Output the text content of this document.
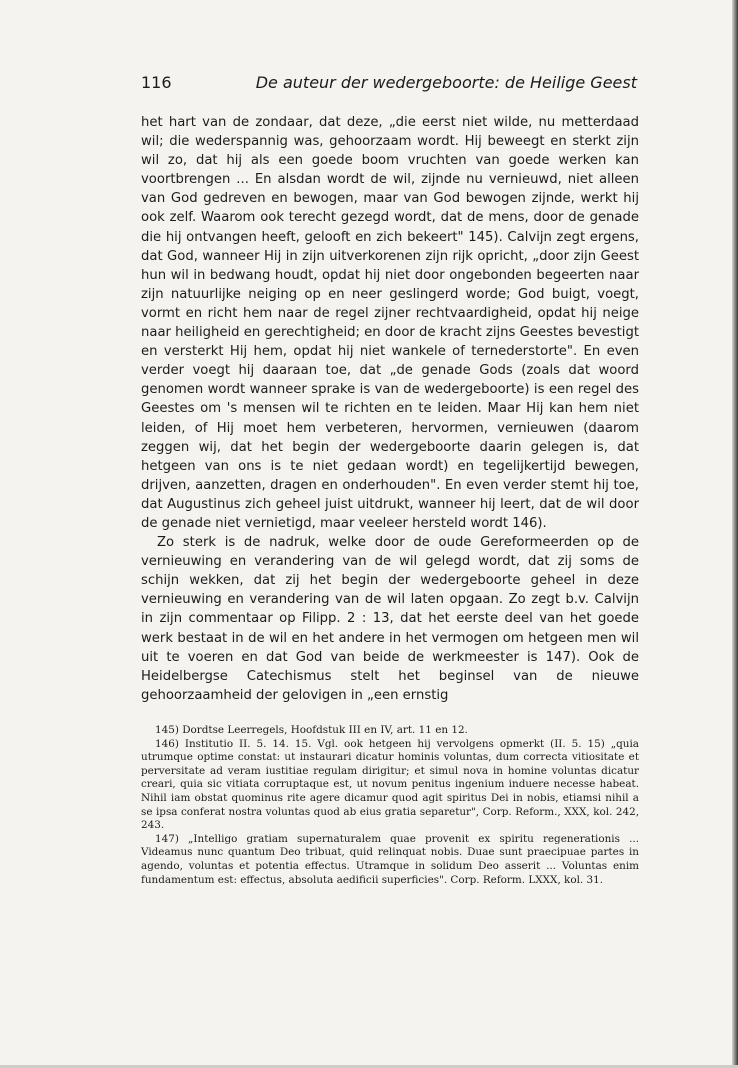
116	De auteur der wedergeboorte: de Heilige Geest

het hart van de zondaar, dat deze, „die eerst niet wilde, nu metterdaad wil; die wederspannig was, gehoorzaam wordt. Hij beweegt en sterkt zijn wil zo, dat hij als een goede boom vruchten van goede werken kan voortbrengen ... En alsdan wordt de wil, zijnde nu vernieuwd, niet alleen van God gedreven en bewogen, maar van God bewogen zijnde, werkt hij ook zelf. Waarom ook terecht gezegd wordt, dat de mens, door de genade die hij ontvangen heeft, gelooft en zich bekeert" 145). Calvijn zegt ergens, dat God, wanneer Hij in zijn uitverkorenen zijn rijk opricht, „door zijn Geest hun wil in bedwang houdt, opdat hij niet door ongebonden begeerten naar zijn natuurlijke neiging op en neer geslingerd worde; God buigt, voegt, vormt en richt hem naar de regel zijner rechtvaardigheid, opdat hij neige naar heiligheid en gerechtigheid; en door de kracht zijns Geestes bevestigt en versterkt Hij hem, opdat hij niet wankele of ternederstorte". En even verder voegt hij daaraan toe, dat „de genade Gods (zoals dat woord genomen wordt wanneer sprake is van de wedergeboorte) is een regel des Geestes om 's mensen wil te richten en te leiden. Maar Hij kan hem niet leiden, of Hij moet hem verbeteren, hervormen, vernieuwen (daarom zeggen wij, dat het begin der wedergeboorte daarin gelegen is, dat hetgeen van ons is te niet gedaan wordt) en tegelijkertijd bewegen, drijven, aanzetten, dragen en onderhouden". En even verder stemt hij toe, dat Augustinus zich geheel juist uitdrukt, wanneer hij leert, dat de wil door de genade niet vernietigd, maar veeleer hersteld wordt 146).

Zo sterk is de nadruk, welke door de oude Gereformeerden op de vernieuwing en verandering van de wil gelegd wordt, dat zij soms de schijn wekken, dat zij het begin der wedergeboorte geheel in deze vernieuwing en verandering van de wil laten opgaan. Zo zegt b.v. Calvijn in zijn commentaar op Filipp. 2 : 13, dat het eerste deel van het goede werk bestaat in de wil en het andere in het vermogen om hetgeen men wil uit te voeren en dat God van beide de werkmeester is 147). Ook de Heidelbergse Catechismus stelt het beginsel van de nieuwe gehoorzaamheid der gelovigen in „een ernstig

145) Dordtse Leerregels, Hoofdstuk III en IV, art. 11 en 12.

146) Institutio II. 5. 14. 15. Vgl. ook hetgeen hij vervolgens opmerkt (II. 5. 15) „quia utrumque optime constat: ut instaurari dicatur hominis voluntas, dum correcta vitiositate et perversitate ad veram iustitiae regulam dirigitur; et simul nova in homine voluntas dicatur creari, quia sic vitiata corruptaque est, ut novum penitus ingenium induere necesse habeat. Nihil iam obstat quominus rite agere dicamur quod agit spiritus Dei in nobis, etiamsi nihil a se ipsa conferat nostra voluntas quod ab eius gratia separetur", Corp. Reform., XXX, kol. 242, 243.

147) „Intelligo gratiam supernaturalem quae provenit ex spiritu regenerationis ... Videamus nunc quantum Deo tribuat, quid relinquat nobis. Duae sunt praecipuae partes in agendo, voluntas et potentia effectus. Utramque in solidum Deo asserit ... Voluntas enim fundamentum est: effectus, absoluta aedificii superficies". Corp. Reform. LXXX, kol. 31.
